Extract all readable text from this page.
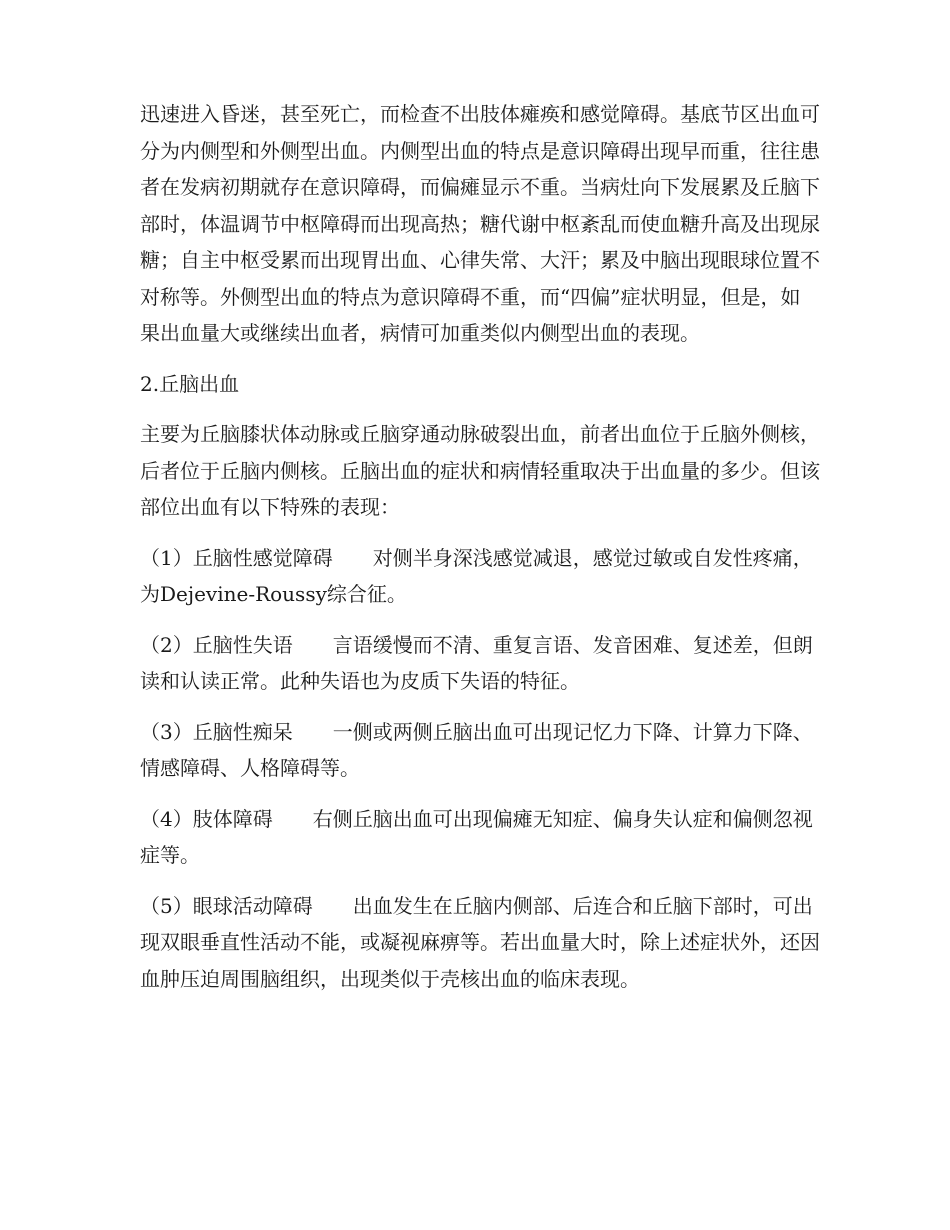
迅速进入昏迷，甚至死亡，而检查不出肢体瘫痪和感觉障碍。基底节区出血可分为内侧型和外侧型出血。内侧型出血的特点是意识障碍出现早而重，往往患者在发病初期就存在意识障碍，而偏瘫显示不重。当病灶向下发展累及丘脑下部时，体温调节中枢障碍而出现高热；糖代谢中枢紊乱而使血糖升高及出现尿糖；自主中枢受累而出现胃出血、心律失常、大汗；累及中脑出现眼球位置不对称等。外侧型出血的特点为意识障碍不重，而“四偏”症状明显，但是，如果出血量大或继续出血者，病情可加重类似内侧型出血的表现。

2.丘脑出血

主要为丘脑膝状体动脉或丘脑穿通动脉破裂出血，前者出血位于丘脑外侧核，后者位于丘脑内侧核。丘脑出血的症状和病情轻重取决于出血量的多少。但该部位出血有以下特殊的表现：

（1）丘脑性感觉障碍　　对侧半身深浅感觉减退，感觉过敏或自发性疼痛，为Dejevine-Roussy综合征。

（2）丘脑性失语　　言语缓慢而不清、重复言语、发音困难、复述差，但朗读和认读正常。此种失语也为皮质下失语的特征。

（3）丘脑性痴呆　　一侧或两侧丘脑出血可出现记忆力下降、计算力下降、情感障碍、人格障碍等。

（4）肢体障碍　　右侧丘脑出血可出现偏瘫无知症、偏身失认症和偏侧忽视症等。

（5）眼球活动障碍　　出血发生在丘脑内侧部、后连合和丘脑下部时，可出现双眼垂直性活动不能，或凝视麻痹等。若出血量大时，除上述症状外，还因血肿压迫周围脑组织，出现类似于壳核出血的临床表现。
